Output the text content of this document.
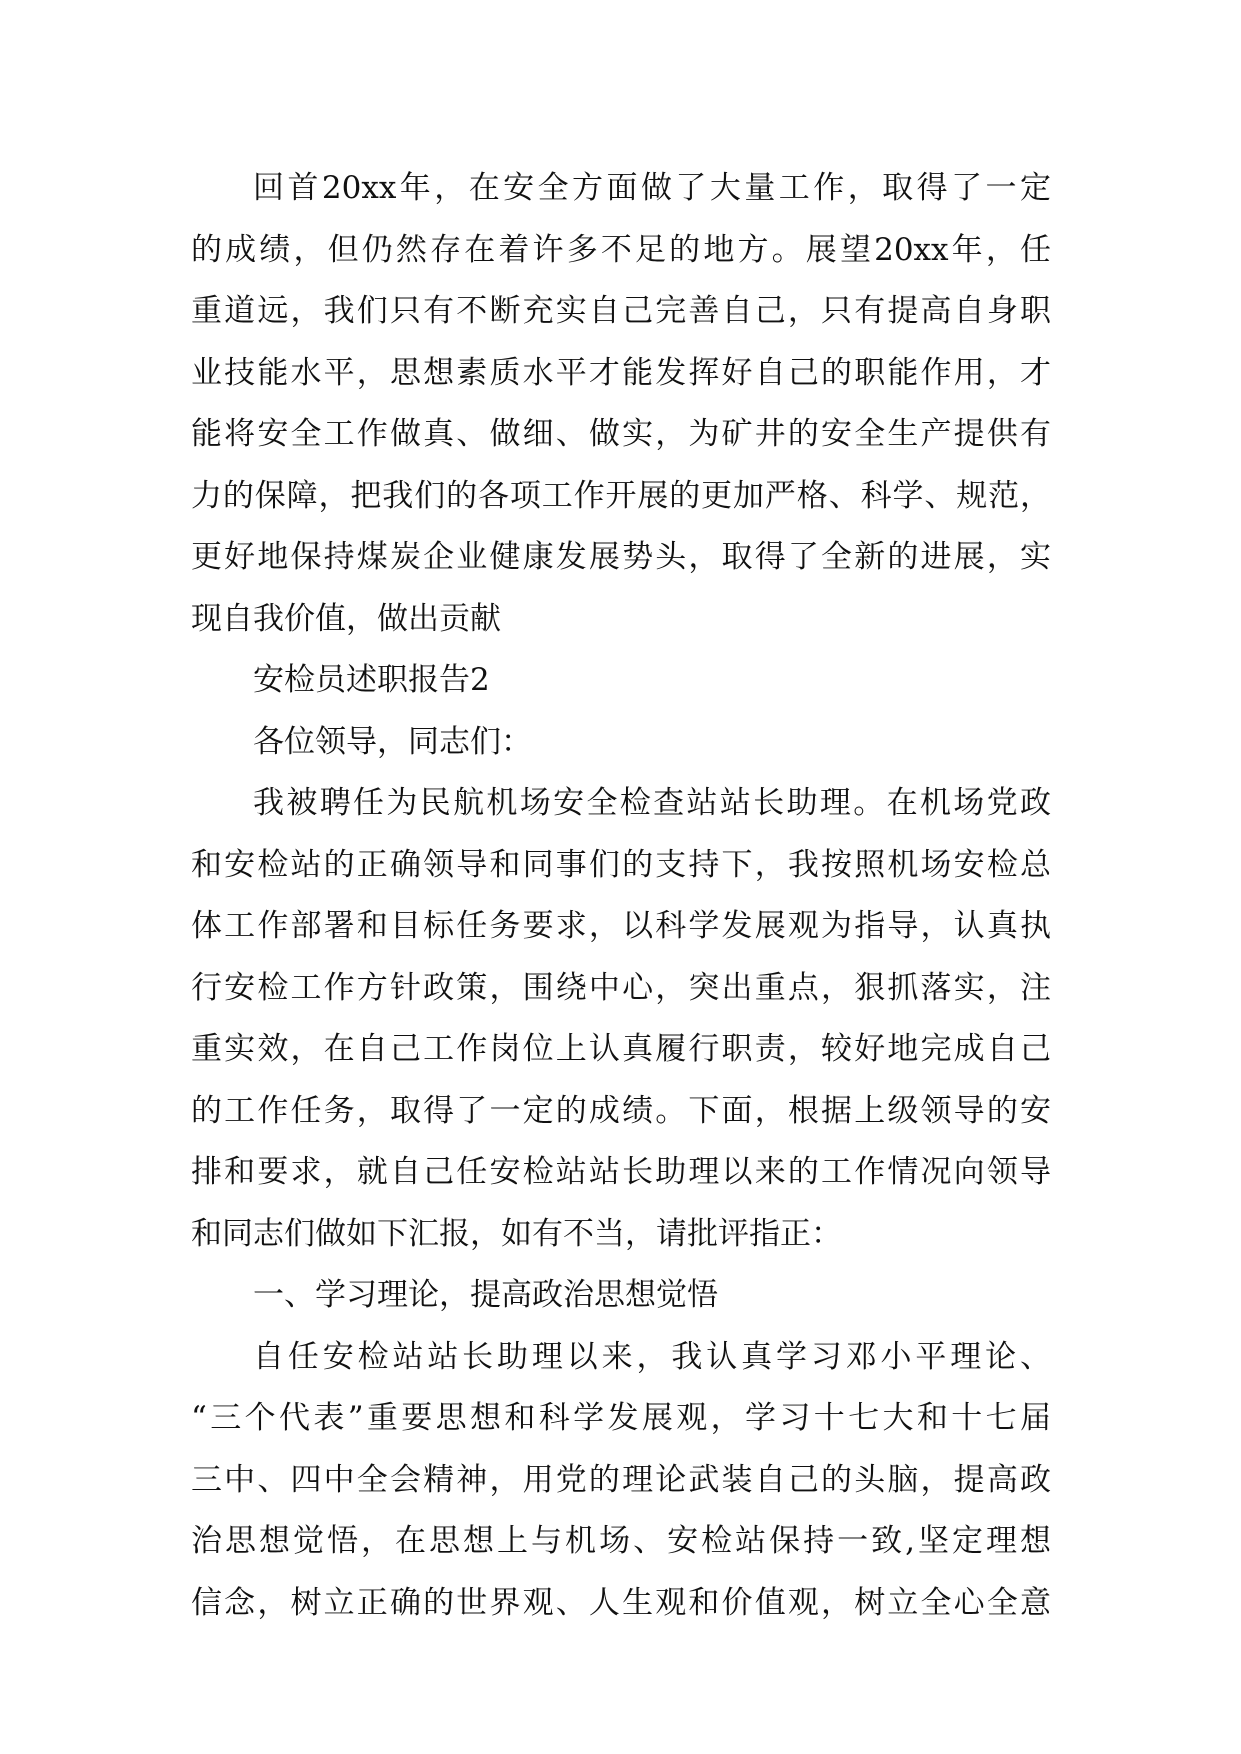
回首20xx年，在安全方面做了大量工作，取得了一定
的成绩，但仍然存在着许多不足的地方。展望20xx年，任
重道远，我们只有不断充实自己完善自己，只有提高自身职
业技能水平，思想素质水平才能发挥好自己的职能作用，才
能将安全工作做真、做细、做实，为矿井的安全生产提供有
力的保障，把我们的各项工作开展的更加严格、科学、规范，
更好地保持煤炭企业健康发展势头，取得了全新的进展，实
现自我价值，做出贡献
安检员述职报告2
各位领导，同志们：
我被聘任为民航机场安全检查站站长助理。在机场党政
和安检站的正确领导和同事们的支持下，我按照机场安检总
体工作部署和目标任务要求，以科学发展观为指导，认真执
行安检工作方针政策，围绕中心，突出重点，狠抓落实，注
重实效，在自己工作岗位上认真履行职责，较好地完成自己
的工作任务，取得了一定的成绩。下面，根据上级领导的安
排和要求，就自己任安检站站长助理以来的工作情况向领导
和同志们做如下汇报，如有不当，请批评指正：
一、学习理论，提高政治思想觉悟
自任安检站站长助理以来，我认真学习邓小平理论、
“三个代表”重要思想和科学发展观，学习十七大和十七届
三中、四中全会精神，用党的理论武装自己的头脑，提高政
治思想觉悟，在思想上与机场、安检站保持一致,坚定理想
信念，树立正确的世界观、人生观和价值观，树立全心全意
